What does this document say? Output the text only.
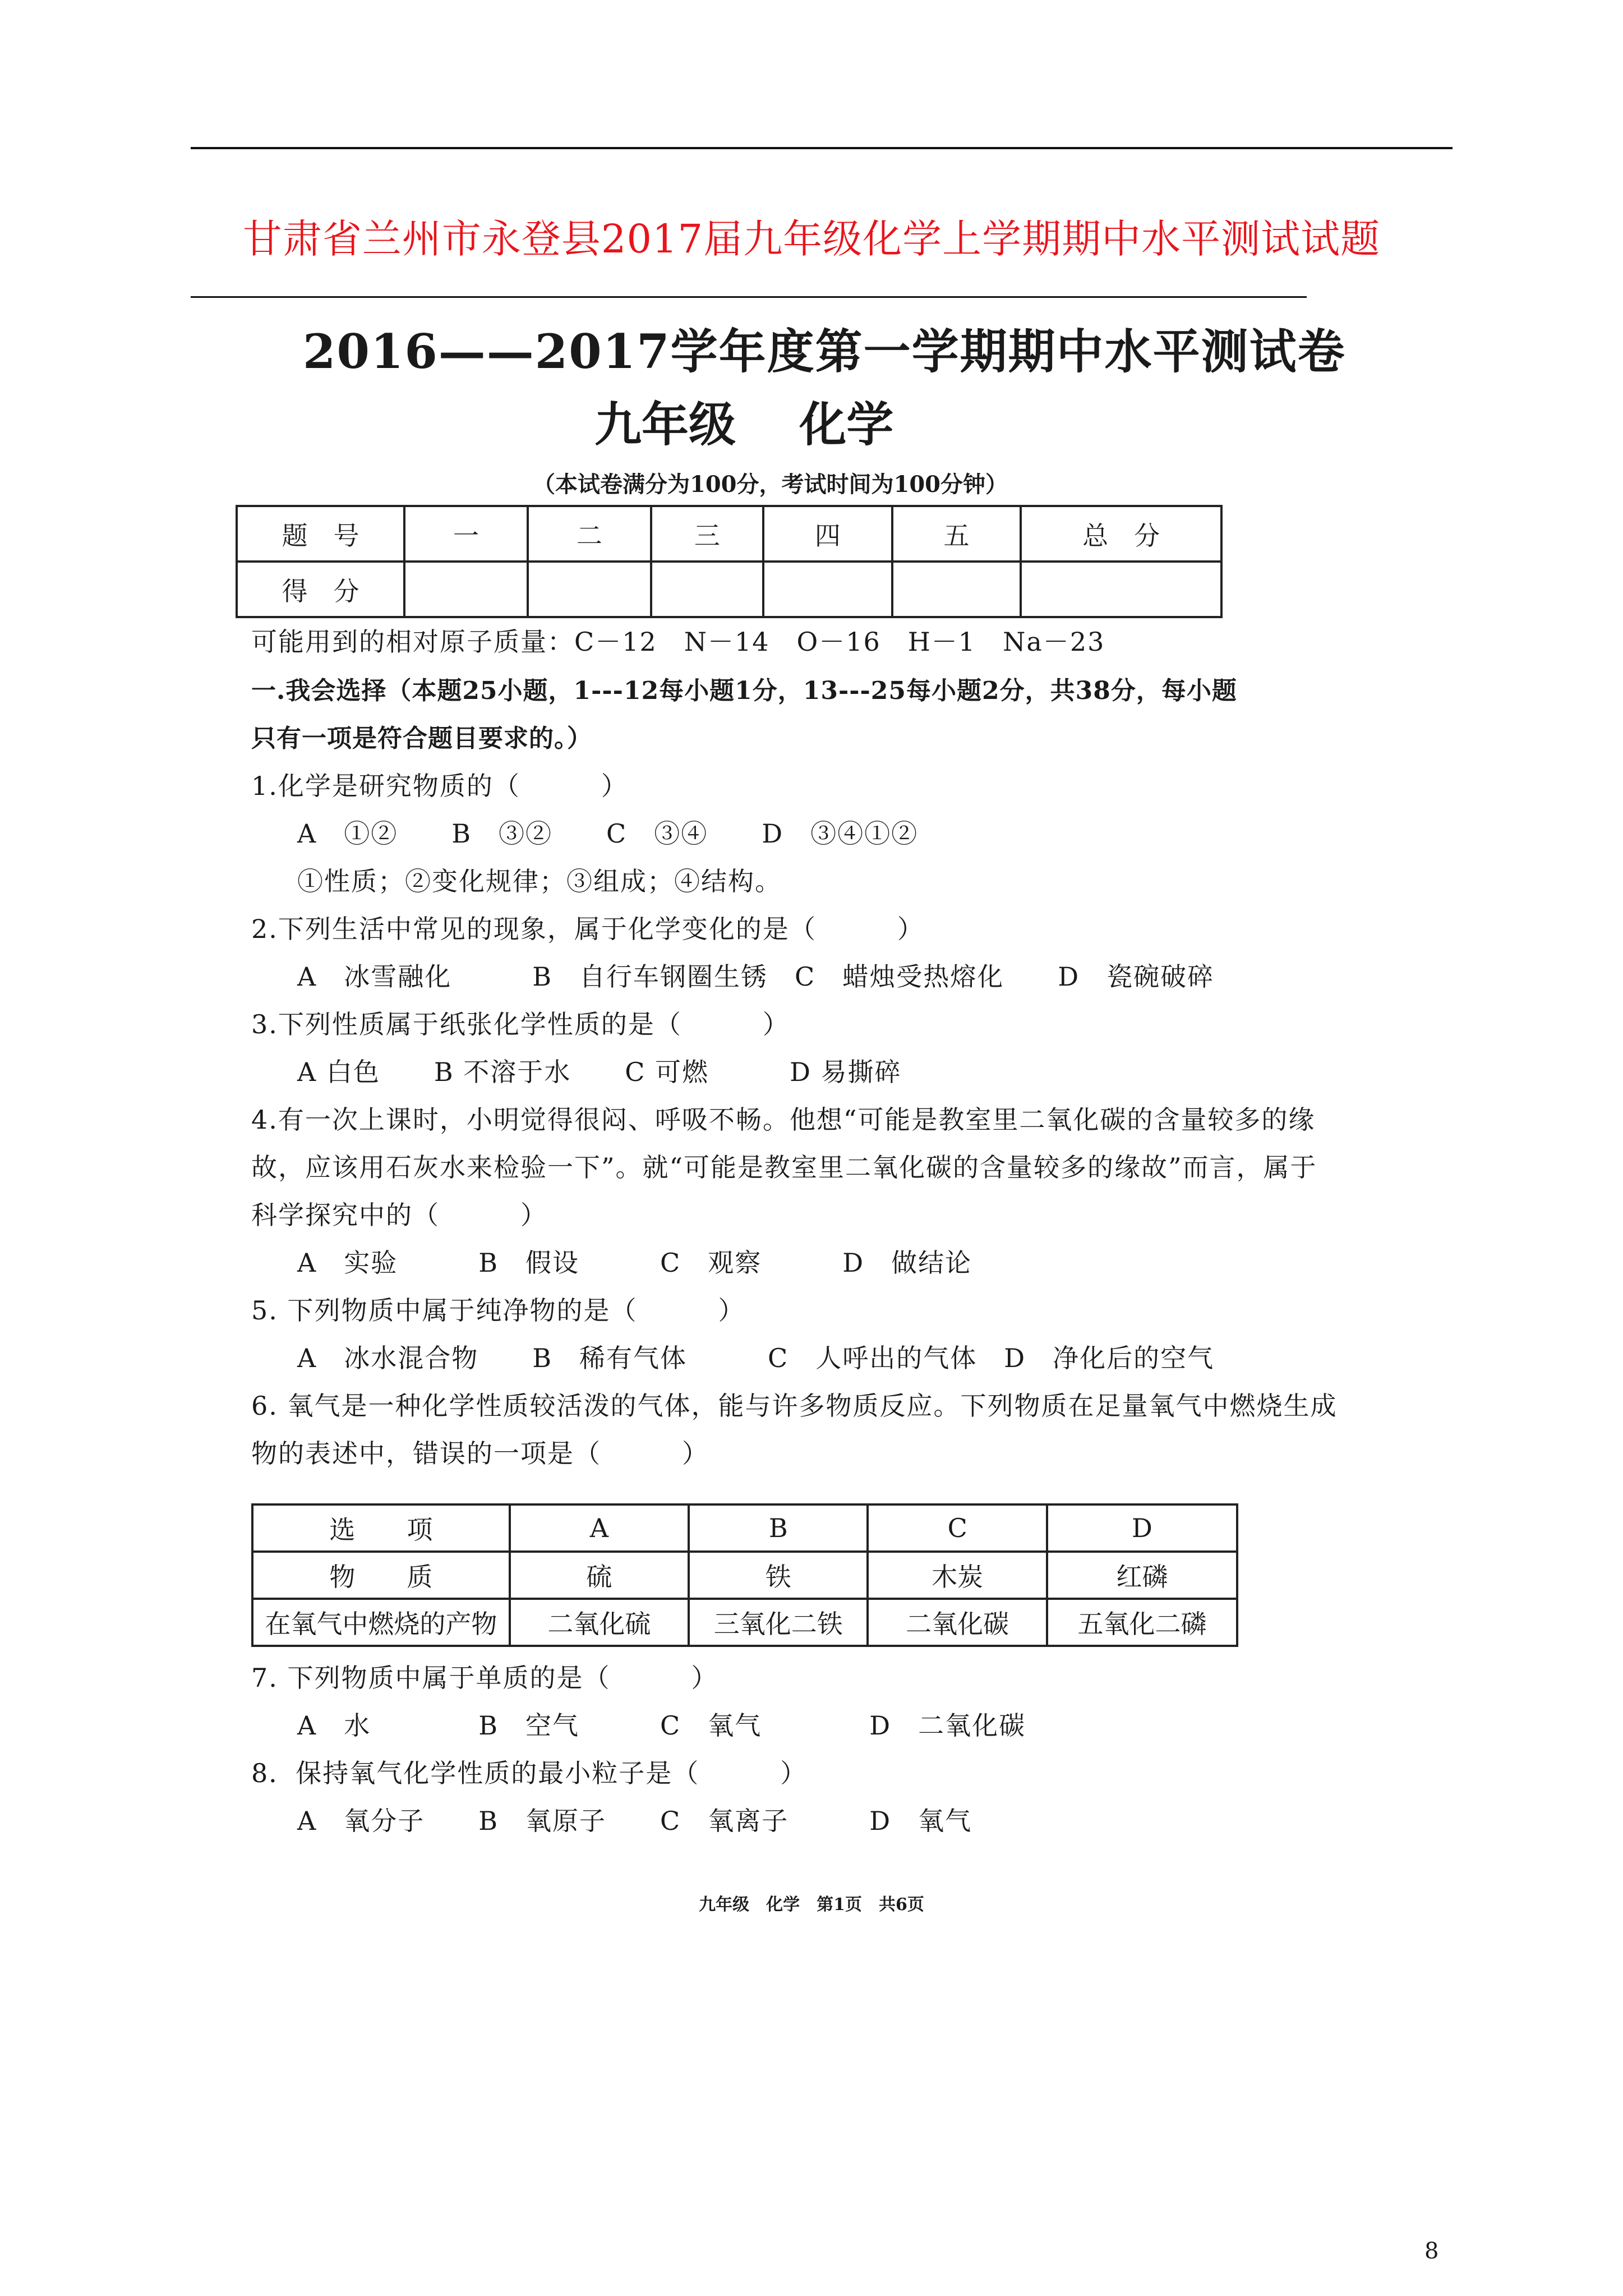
甘肃省兰州市永登县2017届九年级化学上学期期中水平测试试题
2016——2017学年度第一学期期中水平测试卷
九年级　 化学
（本试卷满分为100分，考试时间为100分钟）
题　号	一	二	三	四	五	总　分
得　分						
可能用到的相对原子质量：C－12　N－14　O－16　H－1　Na－23
一.我会选择（本题25小题，1---12每小题1分，13---25每小题2分，共38分，每小题
只有一项是符合题目要求的。）
1.化学是研究物质的（　　　）
A　①②　　B　③②　　C　③④　　D　③④①②
①性质；②变化规律；③组成；④结构。
2.下列生活中常见的现象，属于化学变化的是（　　　）
A　冰雪融化　　　B　自行车钢圈生锈　C　蜡烛受热熔化　　D　瓷碗破碎
3.下列性质属于纸张化学性质的是（　　　）
A 白色　　B 不溶于水　　C 可燃　　　D 易撕碎
4.有一次上课时，小明觉得很闷、呼吸不畅。他想“可能是教室里二氧化碳的含量较多的缘
故，应该用石灰水来检验一下”。就“可能是教室里二氧化碳的含量较多的缘故”而言，属于
科学探究中的（　　　）
A　实验　　　B　假设　　　C　观察　　　D　做结论
5. 下列物质中属于纯净物的是（　　　）
A　冰水混合物　　B　稀有气体　　　C　人呼出的气体　D　净化后的空气
6. 氧气是一种化学性质较活泼的气体，能与许多物质反应。下列物质在足量氧气中燃烧生成
物的表述中，错误的一项是（　　　）
选　　项	A	B	C	D
物　　质	硫	铁	木炭	红磷
在氧气中燃烧的产物	二氧化硫	三氧化二铁	二氧化碳	五氧化二磷
7. 下列物质中属于单质的是（　　　）
A　水　　　　B　空气　　　C　氧气　　　　D　二氧化碳
8．保持氧气化学性质的最小粒子是（　　　）
A　氧分子　　B　氧原子　　C　氧离子　　　D　氧气
九年级　化学　第1页　共6页
8
